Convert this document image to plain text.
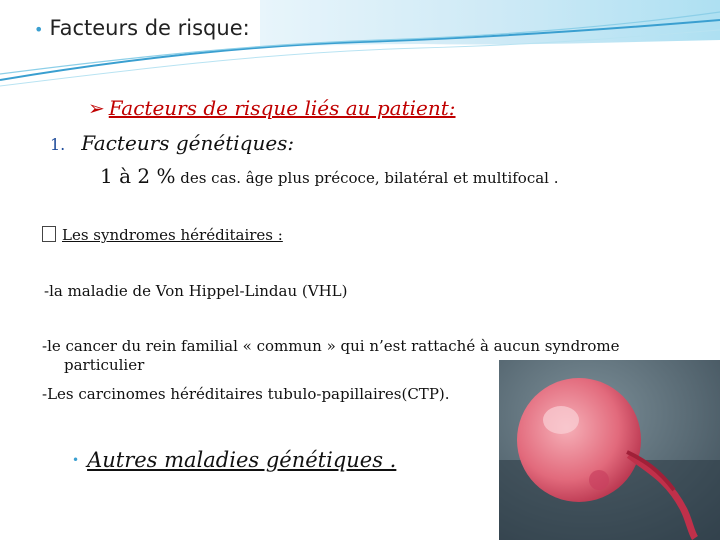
• Facteurs de risque:
➢ Facteurs de risque liés au patient:
1. Facteurs génétiques:
1 à 2 % des cas. âge plus précoce, bilatéral et multifocal .
Les syndromes héréditaires :
-la maladie de Von Hippel-Lindau (VHL)
-le cancer du rein familial « commun » qui n’est rattaché à aucun syndrome
particulier
-Les carcinomes héréditaires tubulo-papillaires(CTP).
• Autres maladies génétiques .
